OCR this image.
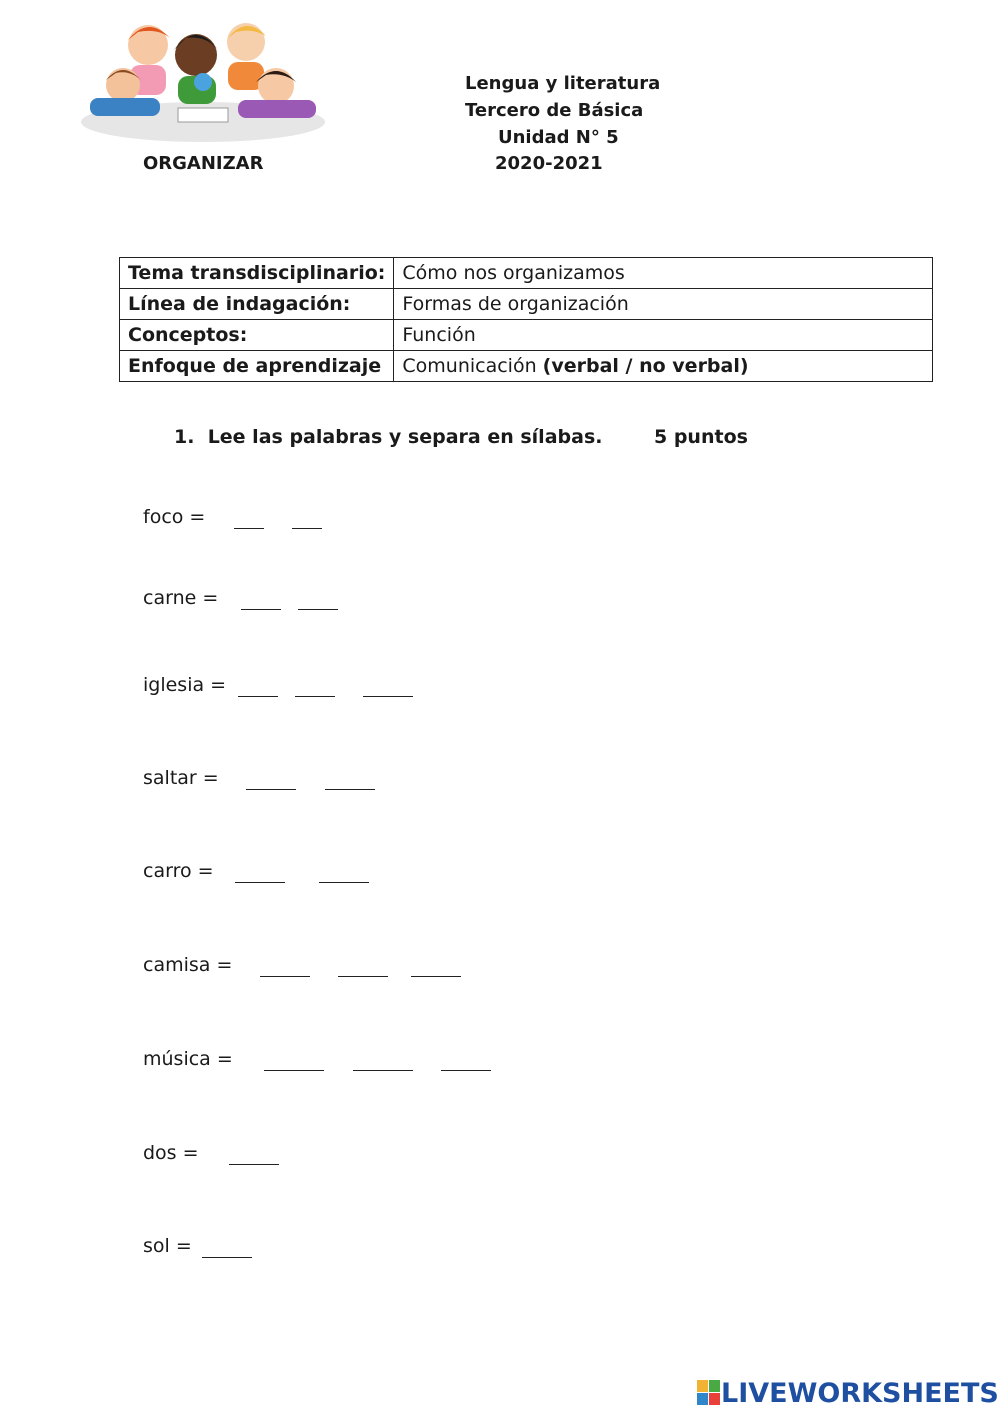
Lengua y literatura
Tercero de Básica
Unidad N° 5
ORGANIZAR	2020-2021
Tema transdisciplinario:	Cómo nos organizamos
Línea de indagación:	Formas de organización
Conceptos:	Función
Enfoque de aprendizaje	Comunicación (verbal / no verbal)
1. Lee las palabras y separa en sílabas.	5 puntos
foco =
carne =
iglesia =
saltar =
carro =
camisa =
música =
dos =
sol =
LIVEWORKSHEETS
